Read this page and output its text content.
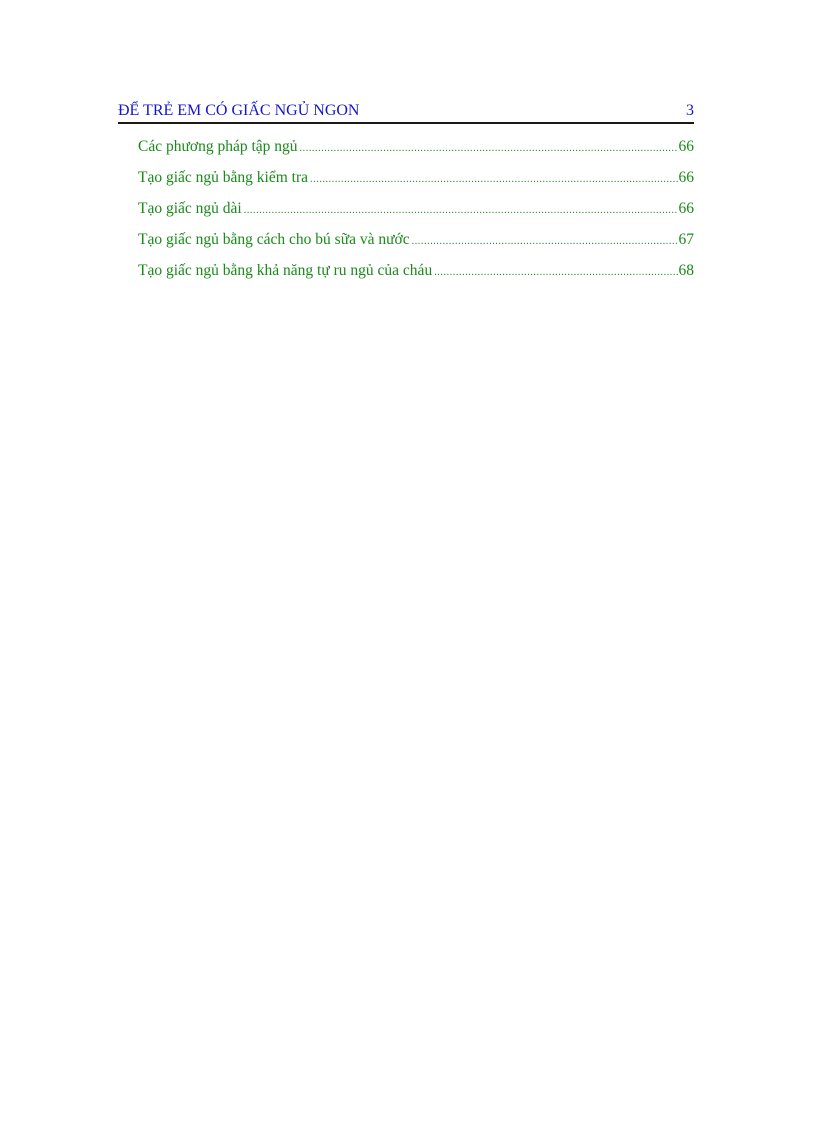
ĐỂ TRẺ EM CÓ GIẤC NGỦ NGON	3
Các phương pháp tập ngủ .....	66
Tạo giấc ngủ bằng kiểm tra .....	66
Tạo giấc ngủ dài .....	66
Tạo giấc ngủ bằng cách cho bú sữa và nước .....	67
Tạo giấc ngủ bằng khả năng tự ru ngủ của cháu .....	68
